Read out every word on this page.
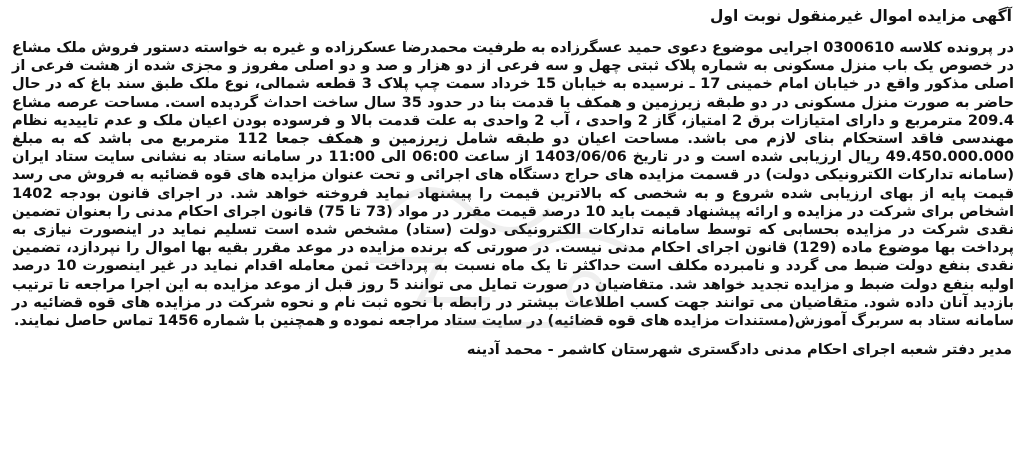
آگهی مزایده اموال غیرمنقول نوبت اول

در پرونده کلاسه 0300610 اجرایی موضوع دعوی حمید عسگرزاده به طرفیت محمدرضا عسکرزاده و غیره به خواسته دستور فروش ملک مشاع در خصوص یک باب منزل مسکونی به شماره پلاک ثبتی چهل و سه فرعی از دو هزار و صد و دو اصلی مفروز و مجزی شده از هشت فرعی از اصلی مذکور واقع در خیابان امام خمینی 17 ـ نرسیده به خیابان 15 خرداد سمت چپ پلاک 3 قطعه شمالی، نوع ملک طبق سند باغ که در حال حاضر به صورت منزل مسکونی در دو طبقه زیرزمین و همکف با قدمت بنا در حدود 35 سال ساخت احداث گردیده است. مساحت عرصه مشاع 209.4 مترمربع و دارای امتیازات برق 2 امتیاز، گاز 2 واحدی ، آب 2 واحدی به علت قدمت بالا و فرسوده بودن اعیان ملک و عدم تاییدیه نظام مهندسی فاقد استحکام بنای لازم می باشد. مساحت اعیان دو طبقه شامل زیرزمین و همکف جمعا 112 مترمربع می باشد که به مبلغ 49.450.000.000 ریال ارزیابی شده است و در تاریخ 1403/06/06 از ساعت 06:00 الی 11:00 در سامانه ستاد به نشانی سایت ستاد ایران (سامانه تدارکات الکترونیکی دولت) در قسمت مزایده های حراج دستگاه های اجرائی و تحت عنوان مزایده های قوه قضائیه به فروش می رسد قیمت پایه از بهای ارزیابی شده شروع و به شخصی که بالاترین قیمت را پیشنهاد نماید فروخته خواهد شد. در اجرای قانون بودجه 1402 اشخاص برای شرکت در مزایده و ارائه پیشنهاد قیمت باید 10 درصد قیمت مقرر در مواد (73 تا 75) قانون اجرای احکام مدنی را بعنوان تضمین نقدی شرکت در مزایده بحسابی که توسط سامانه تدارکات الکترونیکی دولت (ستاد) مشخص شده است تسلیم نماید در اینصورت نیازی به پرداخت بها موضوع ماده (129) قانون اجرای احکام مدنی نیست. در صورتی که برنده مزایده در موعد مقرر بقیه بها اموال را نپردازد، تضمین نقدی بنفع دولت ضبط می گردد و نامبرده مکلف است حداکثر تا یک ماه نسبت به پرداخت ثمن معامله اقدام نماید در غیر اینصورت 10 درصد اولیه بنفع دولت ضبط و مزایده تجدید خواهد شد. متقاضیان در صورت تمایل می توانند 5 روز قبل از موعد مزایده به این اجرا مراجعه تا ترتیب بازدید آنان داده شود. متقاضیان می توانند جهت کسب اطلاعات بیشتر در رابطه با نحوه ثبت نام و نحوه شرکت در مزایده های قوه قضائیه در سامانه ستاد به سربرگ آموزش(مستندات مزایده های قوه قضائیه) در سایت ستاد مراجعه نموده و همچنین با شماره 1456 تماس حاصل نمایند.

مدیر دفتر شعبه اجرای احکام مدنی دادگستری شهرستان کاشمر - محمد آدینه
